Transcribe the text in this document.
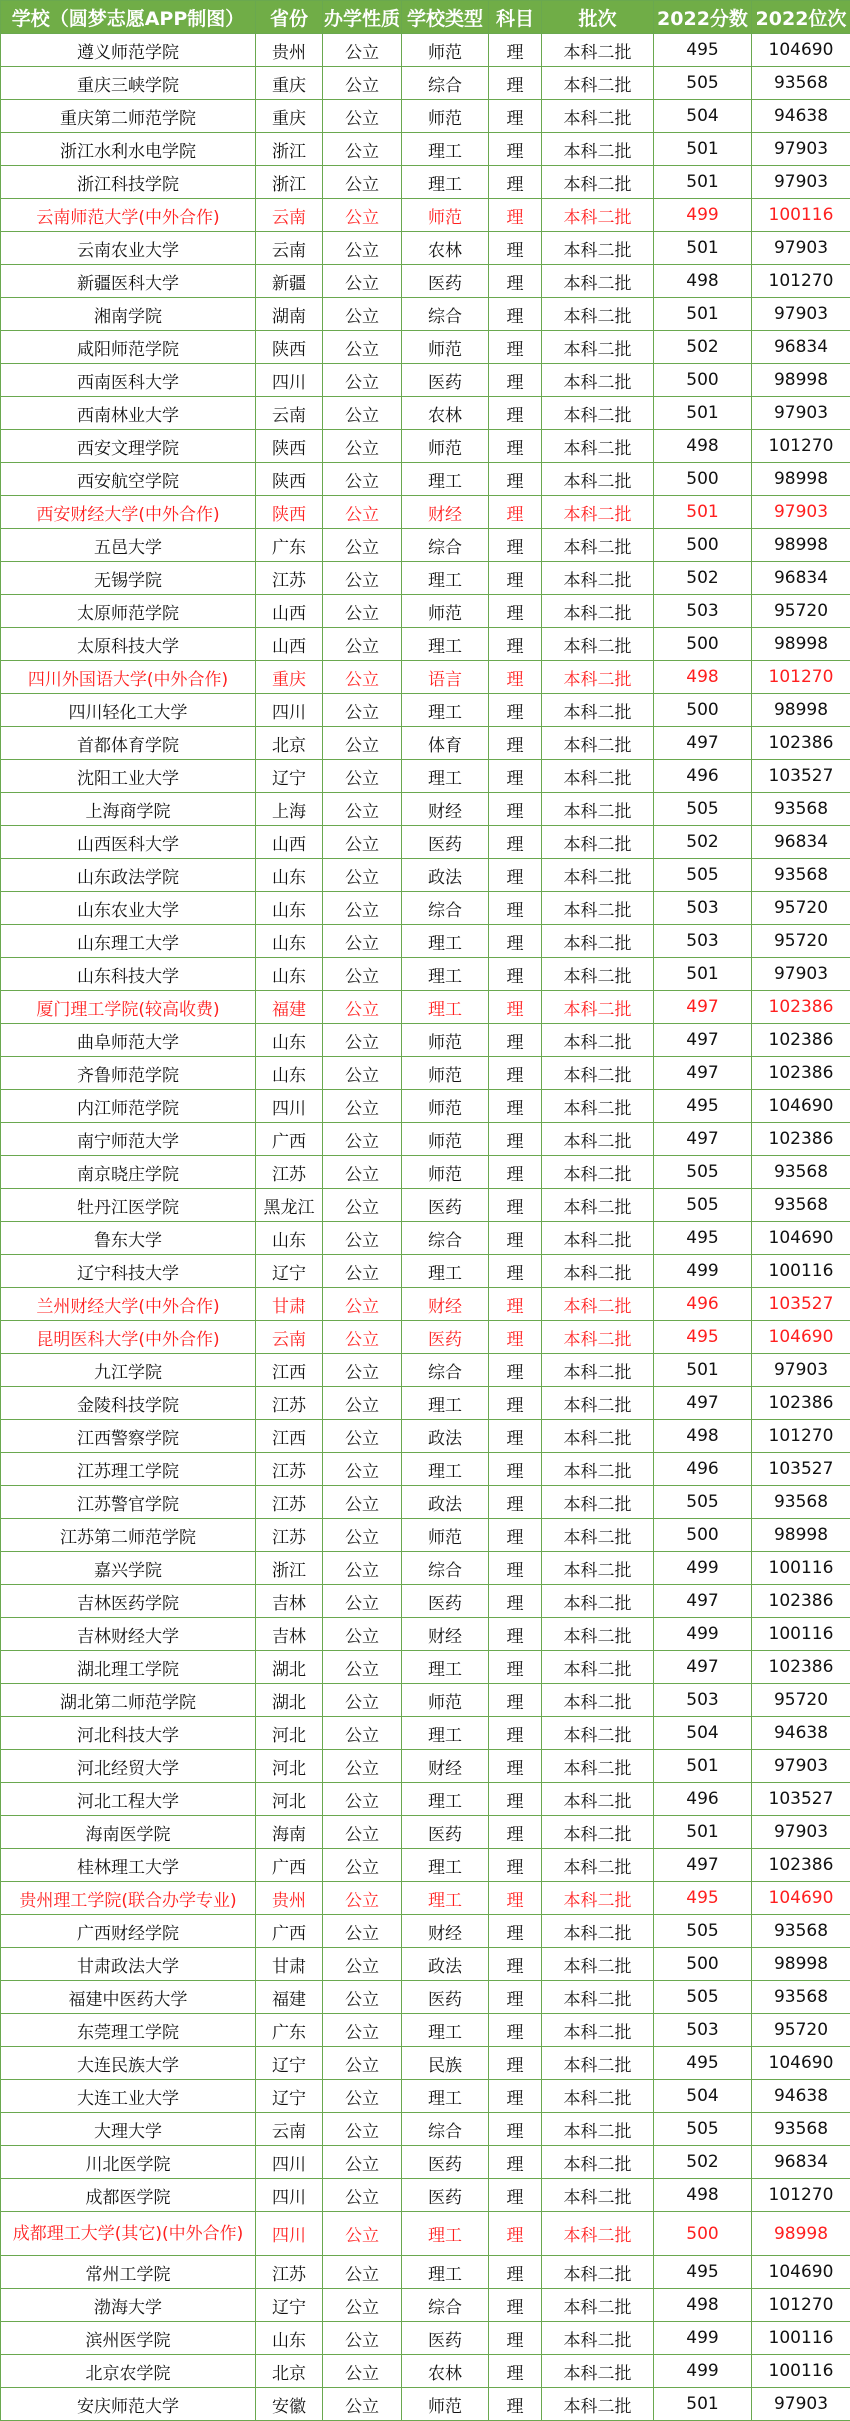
学校（圆梦志愿APP制图）	省份	办学性质	学校类型	科目	批次	2022分数	2022位次
遵义师范学院	贵州	公立	师范	理	本科二批	495	104690
重庆三峡学院	重庆	公立	综合	理	本科二批	505	93568
重庆第二师范学院	重庆	公立	师范	理	本科二批	504	94638
浙江水利水电学院	浙江	公立	理工	理	本科二批	501	97903
浙江科技学院	浙江	公立	理工	理	本科二批	501	97903
云南师范大学(中外合作)	云南	公立	师范	理	本科二批	499	100116
云南农业大学	云南	公立	农林	理	本科二批	501	97903
新疆医科大学	新疆	公立	医药	理	本科二批	498	101270
湘南学院	湖南	公立	综合	理	本科二批	501	97903
咸阳师范学院	陕西	公立	师范	理	本科二批	502	96834
西南医科大学	四川	公立	医药	理	本科二批	500	98998
西南林业大学	云南	公立	农林	理	本科二批	501	97903
西安文理学院	陕西	公立	师范	理	本科二批	498	101270
西安航空学院	陕西	公立	理工	理	本科二批	500	98998
西安财经大学(中外合作)	陕西	公立	财经	理	本科二批	501	97903
五邑大学	广东	公立	综合	理	本科二批	500	98998
无锡学院	江苏	公立	理工	理	本科二批	502	96834
太原师范学院	山西	公立	师范	理	本科二批	503	95720
太原科技大学	山西	公立	理工	理	本科二批	500	98998
四川外国语大学(中外合作)	重庆	公立	语言	理	本科二批	498	101270
四川轻化工大学	四川	公立	理工	理	本科二批	500	98998
首都体育学院	北京	公立	体育	理	本科二批	497	102386
沈阳工业大学	辽宁	公立	理工	理	本科二批	496	103527
上海商学院	上海	公立	财经	理	本科二批	505	93568
山西医科大学	山西	公立	医药	理	本科二批	502	96834
山东政法学院	山东	公立	政法	理	本科二批	505	93568
山东农业大学	山东	公立	综合	理	本科二批	503	95720
山东理工大学	山东	公立	理工	理	本科二批	503	95720
山东科技大学	山东	公立	理工	理	本科二批	501	97903
厦门理工学院(较高收费)	福建	公立	理工	理	本科二批	497	102386
曲阜师范大学	山东	公立	师范	理	本科二批	497	102386
齐鲁师范学院	山东	公立	师范	理	本科二批	497	102386
内江师范学院	四川	公立	师范	理	本科二批	495	104690
南宁师范大学	广西	公立	师范	理	本科二批	497	102386
南京晓庄学院	江苏	公立	师范	理	本科二批	505	93568
牡丹江医学院	黑龙江	公立	医药	理	本科二批	505	93568
鲁东大学	山东	公立	综合	理	本科二批	495	104690
辽宁科技大学	辽宁	公立	理工	理	本科二批	499	100116
兰州财经大学(中外合作)	甘肃	公立	财经	理	本科二批	496	103527
昆明医科大学(中外合作)	云南	公立	医药	理	本科二批	495	104690
九江学院	江西	公立	综合	理	本科二批	501	97903
金陵科技学院	江苏	公立	理工	理	本科二批	497	102386
江西警察学院	江西	公立	政法	理	本科二批	498	101270
江苏理工学院	江苏	公立	理工	理	本科二批	496	103527
江苏警官学院	江苏	公立	政法	理	本科二批	505	93568
江苏第二师范学院	江苏	公立	师范	理	本科二批	500	98998
嘉兴学院	浙江	公立	综合	理	本科二批	499	100116
吉林医药学院	吉林	公立	医药	理	本科二批	497	102386
吉林财经大学	吉林	公立	财经	理	本科二批	499	100116
湖北理工学院	湖北	公立	理工	理	本科二批	497	102386
湖北第二师范学院	湖北	公立	师范	理	本科二批	503	95720
河北科技大学	河北	公立	理工	理	本科二批	504	94638
河北经贸大学	河北	公立	财经	理	本科二批	501	97903
河北工程大学	河北	公立	理工	理	本科二批	496	103527
海南医学院	海南	公立	医药	理	本科二批	501	97903
桂林理工大学	广西	公立	理工	理	本科二批	497	102386
贵州理工学院(联合办学专业)	贵州	公立	理工	理	本科二批	495	104690
广西财经学院	广西	公立	财经	理	本科二批	505	93568
甘肃政法大学	甘肃	公立	政法	理	本科二批	500	98998
福建中医药大学	福建	公立	医药	理	本科二批	505	93568
东莞理工学院	广东	公立	理工	理	本科二批	503	95720
大连民族大学	辽宁	公立	民族	理	本科二批	495	104690
大连工业大学	辽宁	公立	理工	理	本科二批	504	94638
大理大学	云南	公立	综合	理	本科二批	505	93568
川北医学院	四川	公立	医药	理	本科二批	502	96834
成都医学院	四川	公立	医药	理	本科二批	498	101270
成都理工大学(其它)(中外合作)	四川	公立	理工	理	本科二批	500	98998
常州工学院	江苏	公立	理工	理	本科二批	495	104690
渤海大学	辽宁	公立	综合	理	本科二批	498	101270
滨州医学院	山东	公立	医药	理	本科二批	499	100116
北京农学院	北京	公立	农林	理	本科二批	499	100116
安庆师范大学	安徽	公立	师范	理	本科二批	501	97903
